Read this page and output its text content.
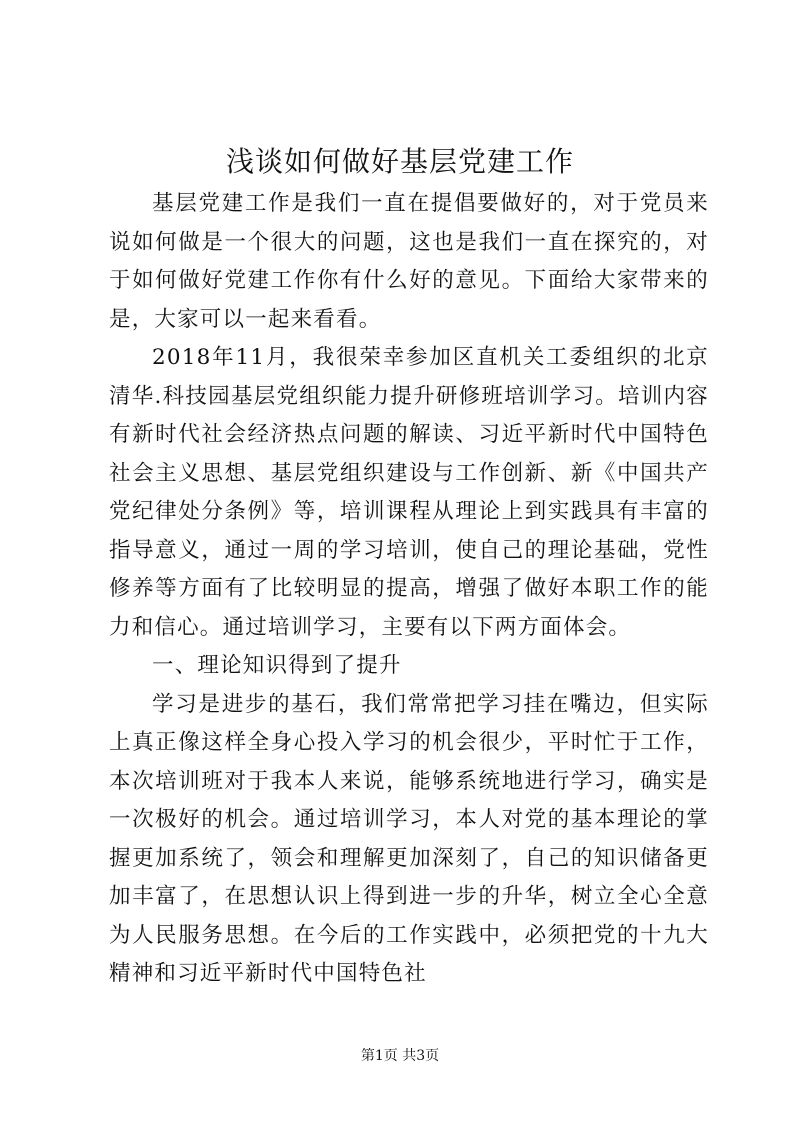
浅谈如何做好基层党建工作

基层党建工作是我们一直在提倡要做好的，对于党员来说如何做是一个很大的问题，这也是我们一直在探究的，对于如何做好党建工作你有什么好的意见。下面给大家带来的是，大家可以一起来看看。

2018年11月，我很荣幸参加区直机关工委组织的北京清华.科技园基层党组织能力提升研修班培训学习。培训内容有新时代社会经济热点问题的解读、习近平新时代中国特色社会主义思想、基层党组织建设与工作创新、新《中国共产党纪律处分条例》等，培训课程从理论上到实践具有丰富的指导意义，通过一周的学习培训，使自己的理论基础，党性修养等方面有了比较明显的提高，增强了做好本职工作的能力和信心。通过培训学习，主要有以下两方面体会。

一、理论知识得到了提升

学习是进步的基石，我们常常把学习挂在嘴边，但实际上真正像这样全身心投入学习的机会很少，平时忙于工作，本次培训班对于我本人来说，能够系统地进行学习，确实是一次极好的机会。通过培训学习，本人对党的基本理论的掌握更加系统了，领会和理解更加深刻了，自己的知识储备更加丰富了，在思想认识上得到进一步的升华，树立全心全意为人民服务思想。在今后的工作实践中，必须把党的十九大精神和习近平新时代中国特色社

第1页 共3页
